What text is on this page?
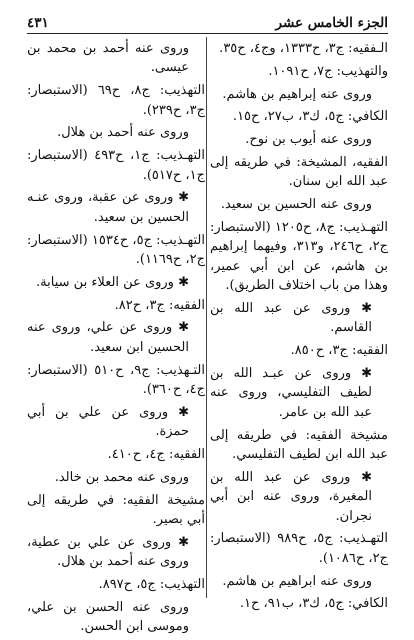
الجزء الخامس عشر
٤٣١

الـفقيه: ج٣، ح١٣٣٣، وج٤، ح٣٥.

والتهذيب: ج٧، ح١٠٩١.

وروى عنه إبراهيم بن هاشم.

الكافي: ج٥، ك٣، ب٢٧، ح١٥.

وروى عنه أيوب بن نوح.

الفقيه، المشيخة: في طريقه إلى عبد الله ابن سنان.

وروى عنه الحسين بن سعيد.

التهـذيب: ج٨، ح١٢٠٥ (الاستبصار: ج٢، ح٢٤٦، و٣١٣، وفيهما إبراهيم بن هاشم، عن ابن أبي عمير، وهذا من باب اختلاف الطريق).

✱ وروى عن عبد الله بن القاسم.

الفقيه: ج٣، ح٨٥٠.

✱ وروى عن عبـد الله بن لطيف التفليسي، وروى عنه عبد الله بن عامر.

مشيخة الفقيه: في طريقه إلى عبد الله ابن لطيف التفليسي.

✱ وروى عن عبد الله بن المغيرة، وروى عنه ابن أبي نجران.

التهـذيب: ج٥، ح٩٨٩ (الاستبصار: ج٢، ح١٠٨٦).

وروى عنه ابراهيم بن هاشم.

الكافي: ج٥، ك٣، ب٩١، ح١.

وروى عنه أحمد بن محمد بن عيسى.

التهذيب: ج٨، ح٦٩ (الاستبصار: ج٣، ح٢٣٩).

وروى عنه أحمد بن هلال.

التهـذيب: ج١، ح٤٩٣ (الاستبصار: ج١، ح٥١٧).

✱ وروى عن عقبة، وروى عنـه الحسين بن سعيد.

التهـذيب: ج٥، ح١٥٣٤ (الاستبصار: ج٢، ح١١٦٩).

✱ وروى عن العلاء بن سيابة.

الفقيه: ج٣، ح٨٢.

✱ وروى عن علي، وروى عنه الحسين ابن سعيد.

التـهذيب: ج٩، ح٥١٠ (الاستبصار: ج٤، ح٣٦٠).

✱ وروى عن علي بن أبي حمزة.

الفقيه: ج٤، ح٤١٠.

وروى عنه محمد بن خالد.

مشيخة الفقيه: في طريقه إلى أبي بصير.

✱ وروى عن علي بن عطية، وروى عنه أحمد بن هلال.

التهذيب: ج٥، ح٨٩٧.

وروى عنه الحسن بن علي، وموسى ابن الحسن.
